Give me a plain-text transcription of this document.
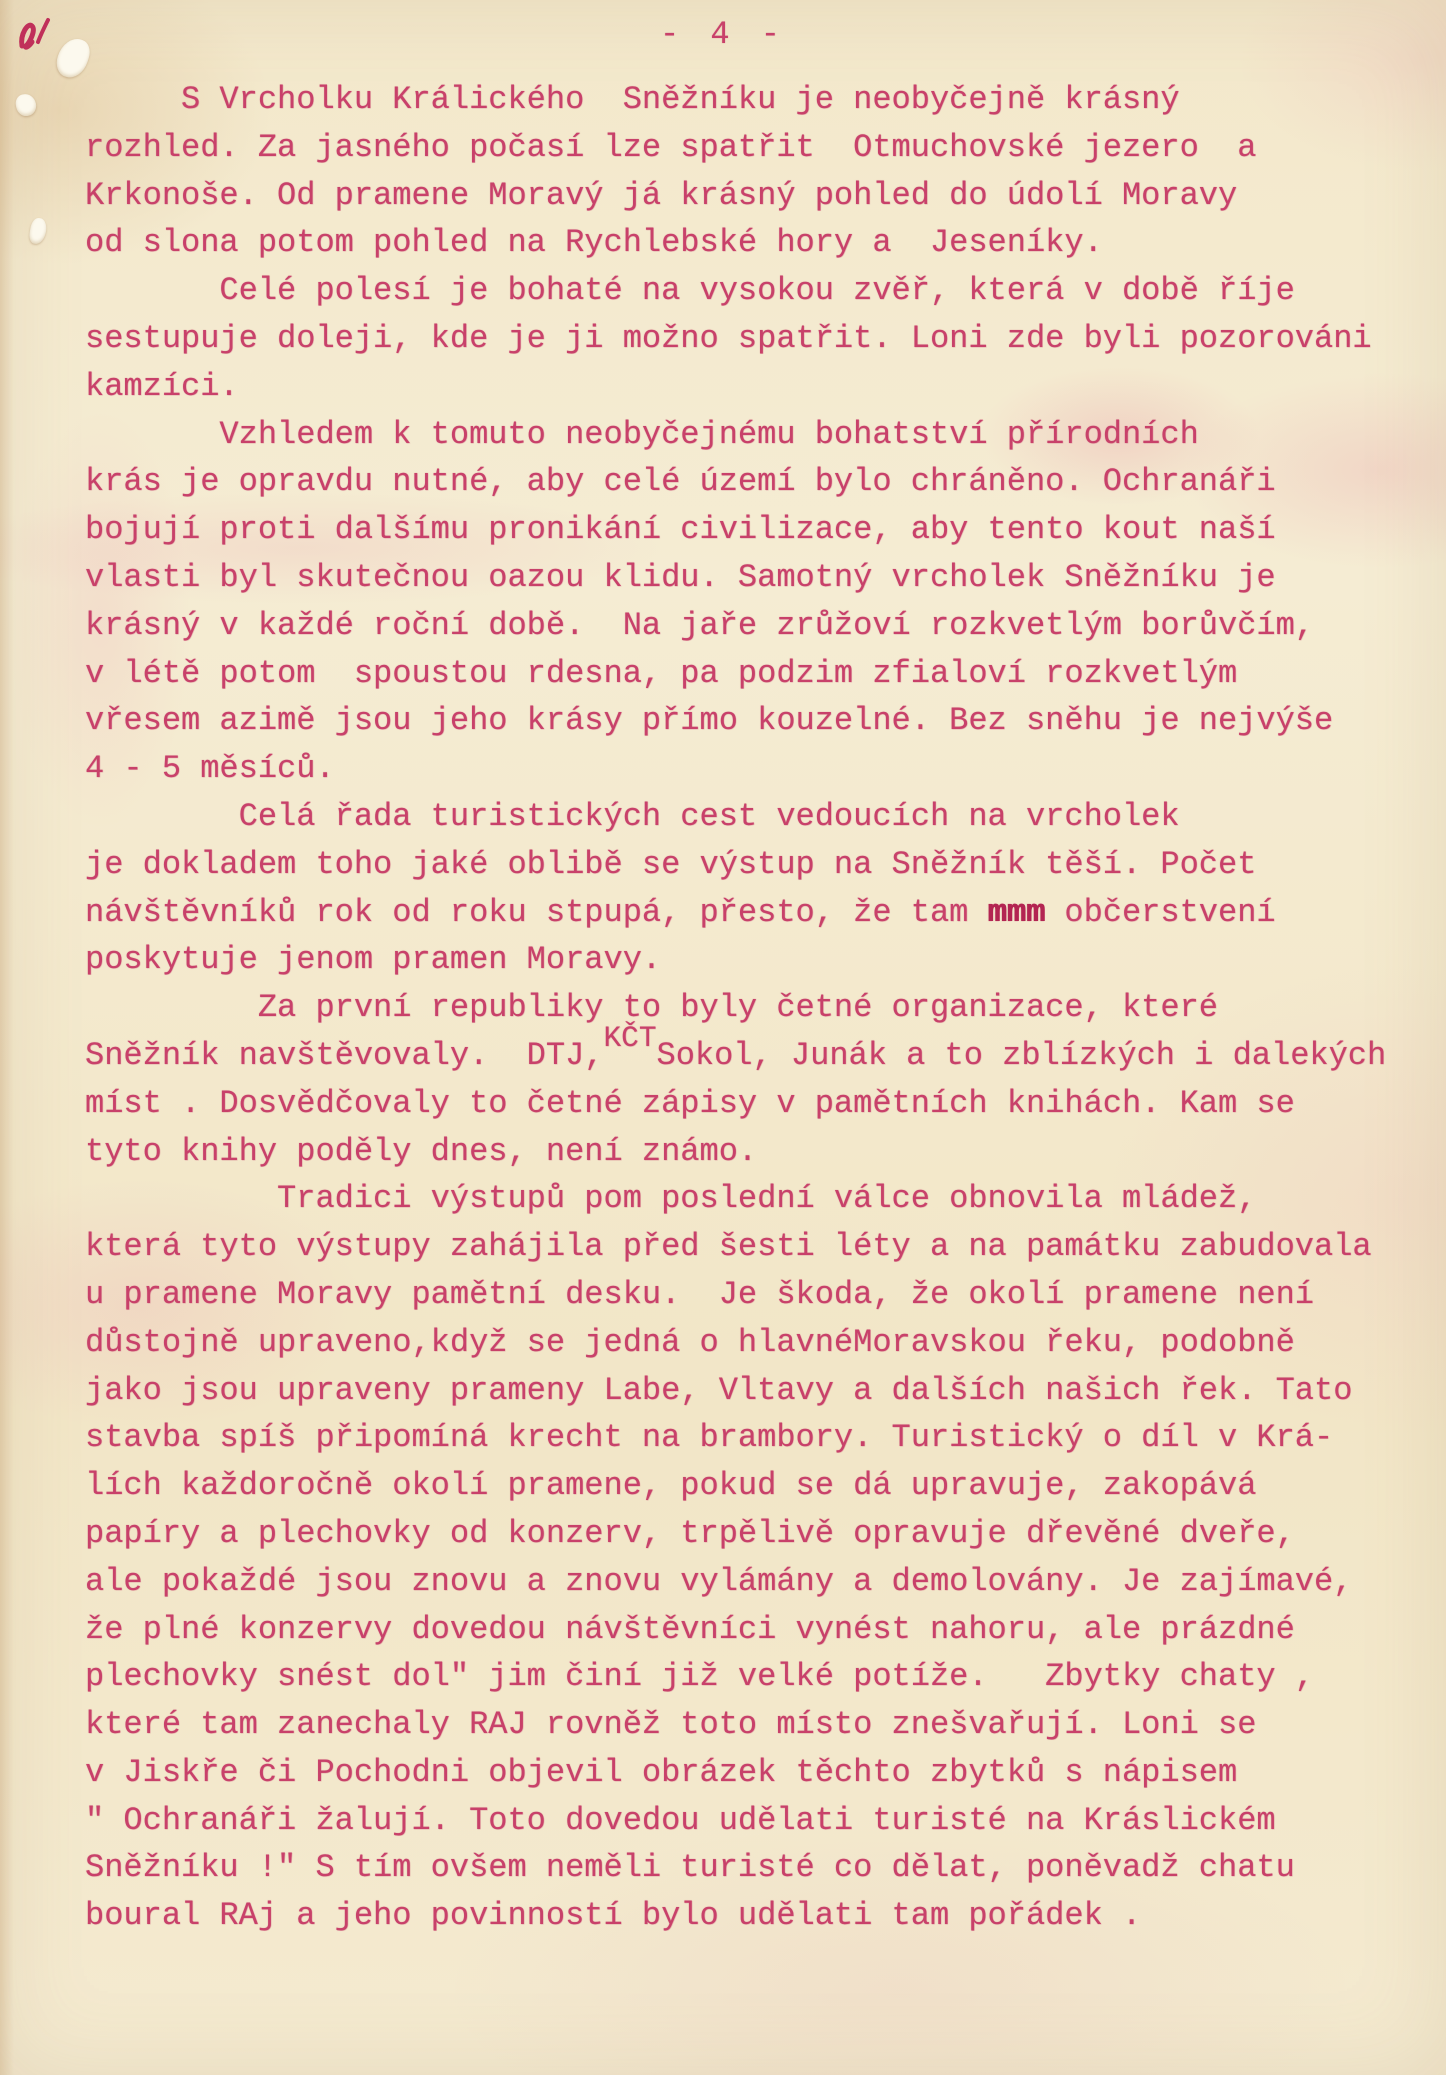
- 4 -
S Vrcholku Králického  Sněžníku je neobyčejně krásný
rozhled. Za jasného počasí lze spatřit  Otmuchovské jezero  a
Krkonoše. Od pramene Moravý já krásný pohled do údolí Moravy
od slona potom pohled na Rychlebské hory a  Jeseníky.
Celé polesí je bohaté na vysokou zvěř, která v době říje
sestupuje doleji, kde je ji možno spatřit. Loni zde byli pozorováni
kamzíci.
Vzhledem k tomuto neobyčejnému bohatství přírodních
krás je opravdu nutné, aby celé území bylo chráněno. Ochranáři
bojují proti dalšímu pronikání civilizace, aby tento kout naší
vlasti byl skutečnou oazou klidu. Samotný vrcholek Sněžníku je
krásný v každé roční době.  Na jaře zrůžoví rozkvetlým borůvčím,
v létě potom  spoustou rdesna, pa podzim zfialoví rozkvetlým
vřesem azimě jsou jeho krásy přímo kouzelné. Bez sněhu je nejvýše
4 - 5 měsíců.
Celá řada turistických cest vedoucích na vrcholek
je dokladem toho jaké oblibě se výstup na Sněžník těší. Počet
návštěvníků rok od roku stpupá, přesto, že tam mmm občerstvení
poskytuje jenom pramen Moravy.
Za první republiky to byly četné organizace, které
Sněžník navštěvovaly.  DTJ,KČTSokol, Junák a to zblízkých i dalekých
míst . Dosvědčovaly to četné zápisy v pamětních knihách. Kam se
tyto knihy poděly dnes, není známo.
Tradici výstupů pom poslední válce obnovila mládež,
která tyto výstupy zahájila před šesti léty a na památku zabudovala
u pramene Moravy pamětní desku.  Je škoda, že okolí pramene není
důstojně upraveno,když se jedná o hlavnéMoravskou řeku, podobně
jako jsou upraveny prameny Labe, Vltavy a dalších našich řek. Tato
stavba spíš připomíná krecht na brambory. Turistický o díl v Krá-
lích každoročně okolí pramene, pokud se dá upravuje, zakopává
papíry a plechovky od konzerv, trpělivě opravuje dřevěné dveře,
ale pokaždé jsou znovu a znovu vylámány a demolovány. Je zajímavé,
že plné konzervy dovedou návštěvníci vynést nahoru, ale prázdné
plechovky snést dol" jim činí již velké potíže.   Zbytky chaty ,
které tam zanechaly RAJ rovněž toto místo znešvařují. Loni se
v Jiskře či Pochodni objevil obrázek těchto zbytků s nápisem
" Ochranáři žalují. Toto dovedou udělati turisté na Kráslickém
Sněžníku !" S tím ovšem neměli turisté co dělat, poněvadž chatu
boural RAj a jeho povinností bylo udělati tam pořádek .
